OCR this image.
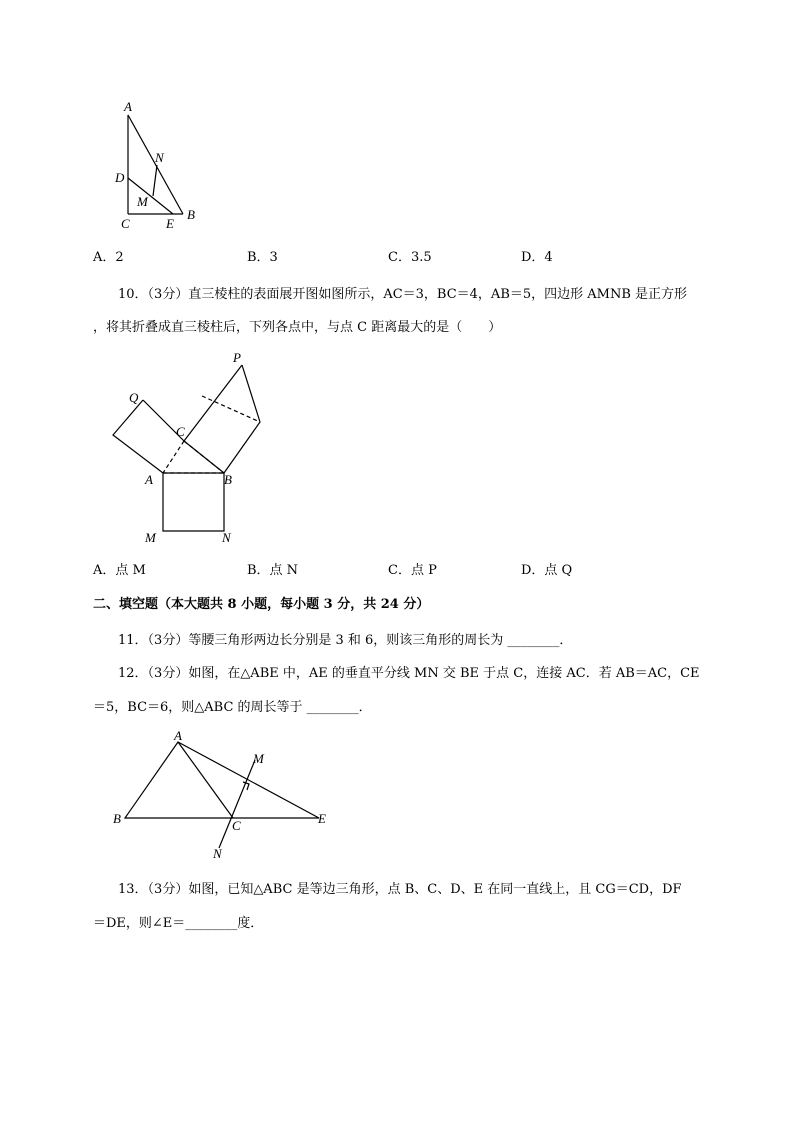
A
N
D
M
C	E
B
A．2	B．3	C．3.5	D．4
10．（3分）直三棱柱的表面展开图如图所示，AC＝3，BC＝4，AB＝5，四边形 AMNB 是正方形
，将其折叠成直三棱柱后，下列各点中，与点 C 距离最大的是（　　）
P
Q
C
A	B
M	N
A．点 M	B．点 N	C．点 P	D．点 Q
二、填空题（本大题共 8 小题，每小题 3 分，共 24 分）
11．（3分）等腰三角形两边长分别是 3 和 6，则该三角形的周长为 ________．
12．（3分）如图，在△ABE 中，AE 的垂直平分线 MN 交 BE 于点 C，连接 AC．若 AB＝AC，CE
＝5，BC＝6，则△ABC 的周长等于 ________．
A
M
B	C	E
N
13．（3分）如图，已知△ABC 是等边三角形，点 B、C、D、E 在同一直线上，且 CG＝CD，DF
＝DE，则∠E＝________度．
